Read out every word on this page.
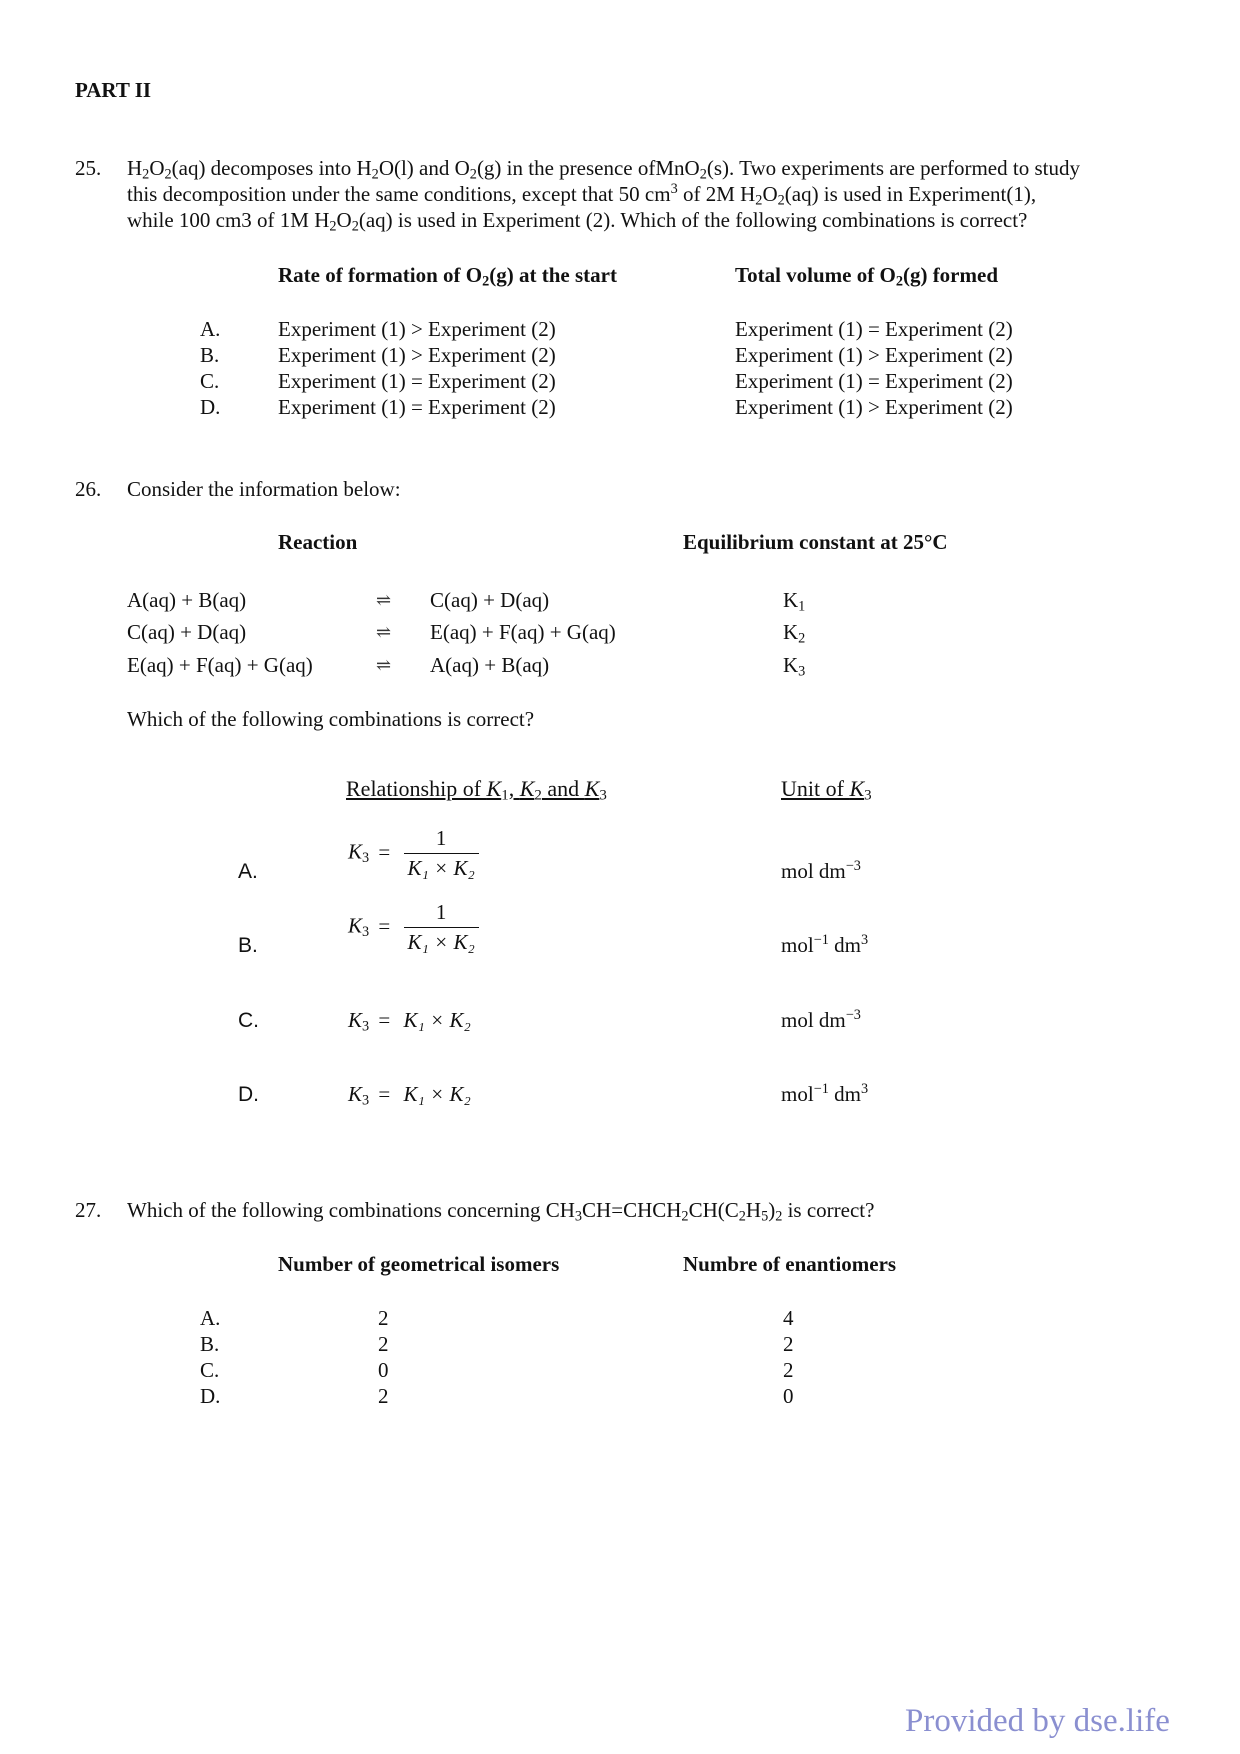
PART II
25. $H_2O_2(aq)$ decomposes into $H_2O(l)$ and $O_2(g)$ in the presence ofMnO$_2$(s). Two experiments are performed to study
this decomposition under the same conditions, except that 50 $cm^3$ of 2M $H_2O_2(aq)$ is used in Experiment(1),
while 100 cm3 of 1M $H_2O_2(aq)$ is used in Experiment (2). Which of the following combinations is correct?
Rate of formation of $O_2(g)$ at the start	Total volume of $O_2(g)$ formed
A.	Experiment (1) > Experiment (2)	Experiment (1) = Experiment (2)
B.	Experiment (1) > Experiment (2)	Experiment (1) > Experiment (2)
C.	Experiment (1) = Experiment (2)	Experiment (1) = Experiment (2)
D.	Experiment (1) = Experiment (2)	Experiment (1) > Experiment (2)
26. Consider the information below:
Reaction	Equilibrium constant at 25°C
A(aq) + B(aq)	⇌ C(aq) + D(aq)	$K_1$
C(aq) + D(aq)	⇌ E(aq) + F(aq) + G(aq)	$K_2$
E(aq) + F(aq) + G(aq)	⇌ A(aq) + B(aq)	$K_3$
Which of the following combinations is correct?
Relationship of $K_1$, $K_2$ and $K_3$	Unit of $K_3$
A.
$K_3 = \frac{1}{\text{K₁ × K₂}}$	mol $dm^{-3}$
B.
$K_3 = \frac{1}{\text{K₁ × K₂}}$	mol$^{-1}$ $dm^3$
C.	$K_3 = K_1 \times K_2$	mol $dm^{-3}$
D.	$K_3 = K_1 \times K_2$	mol$^{-1}$ $dm^3$
27. Which of the following combinations concerning $CH_3CH=CHCH_2CH(C_2H_5)_2$ is correct?
Number of geometrical isomers	Numbre of enantiomers
A.	2	4
B.	2	2
C.	0	2
D.	2	0
Provided by dse.life
